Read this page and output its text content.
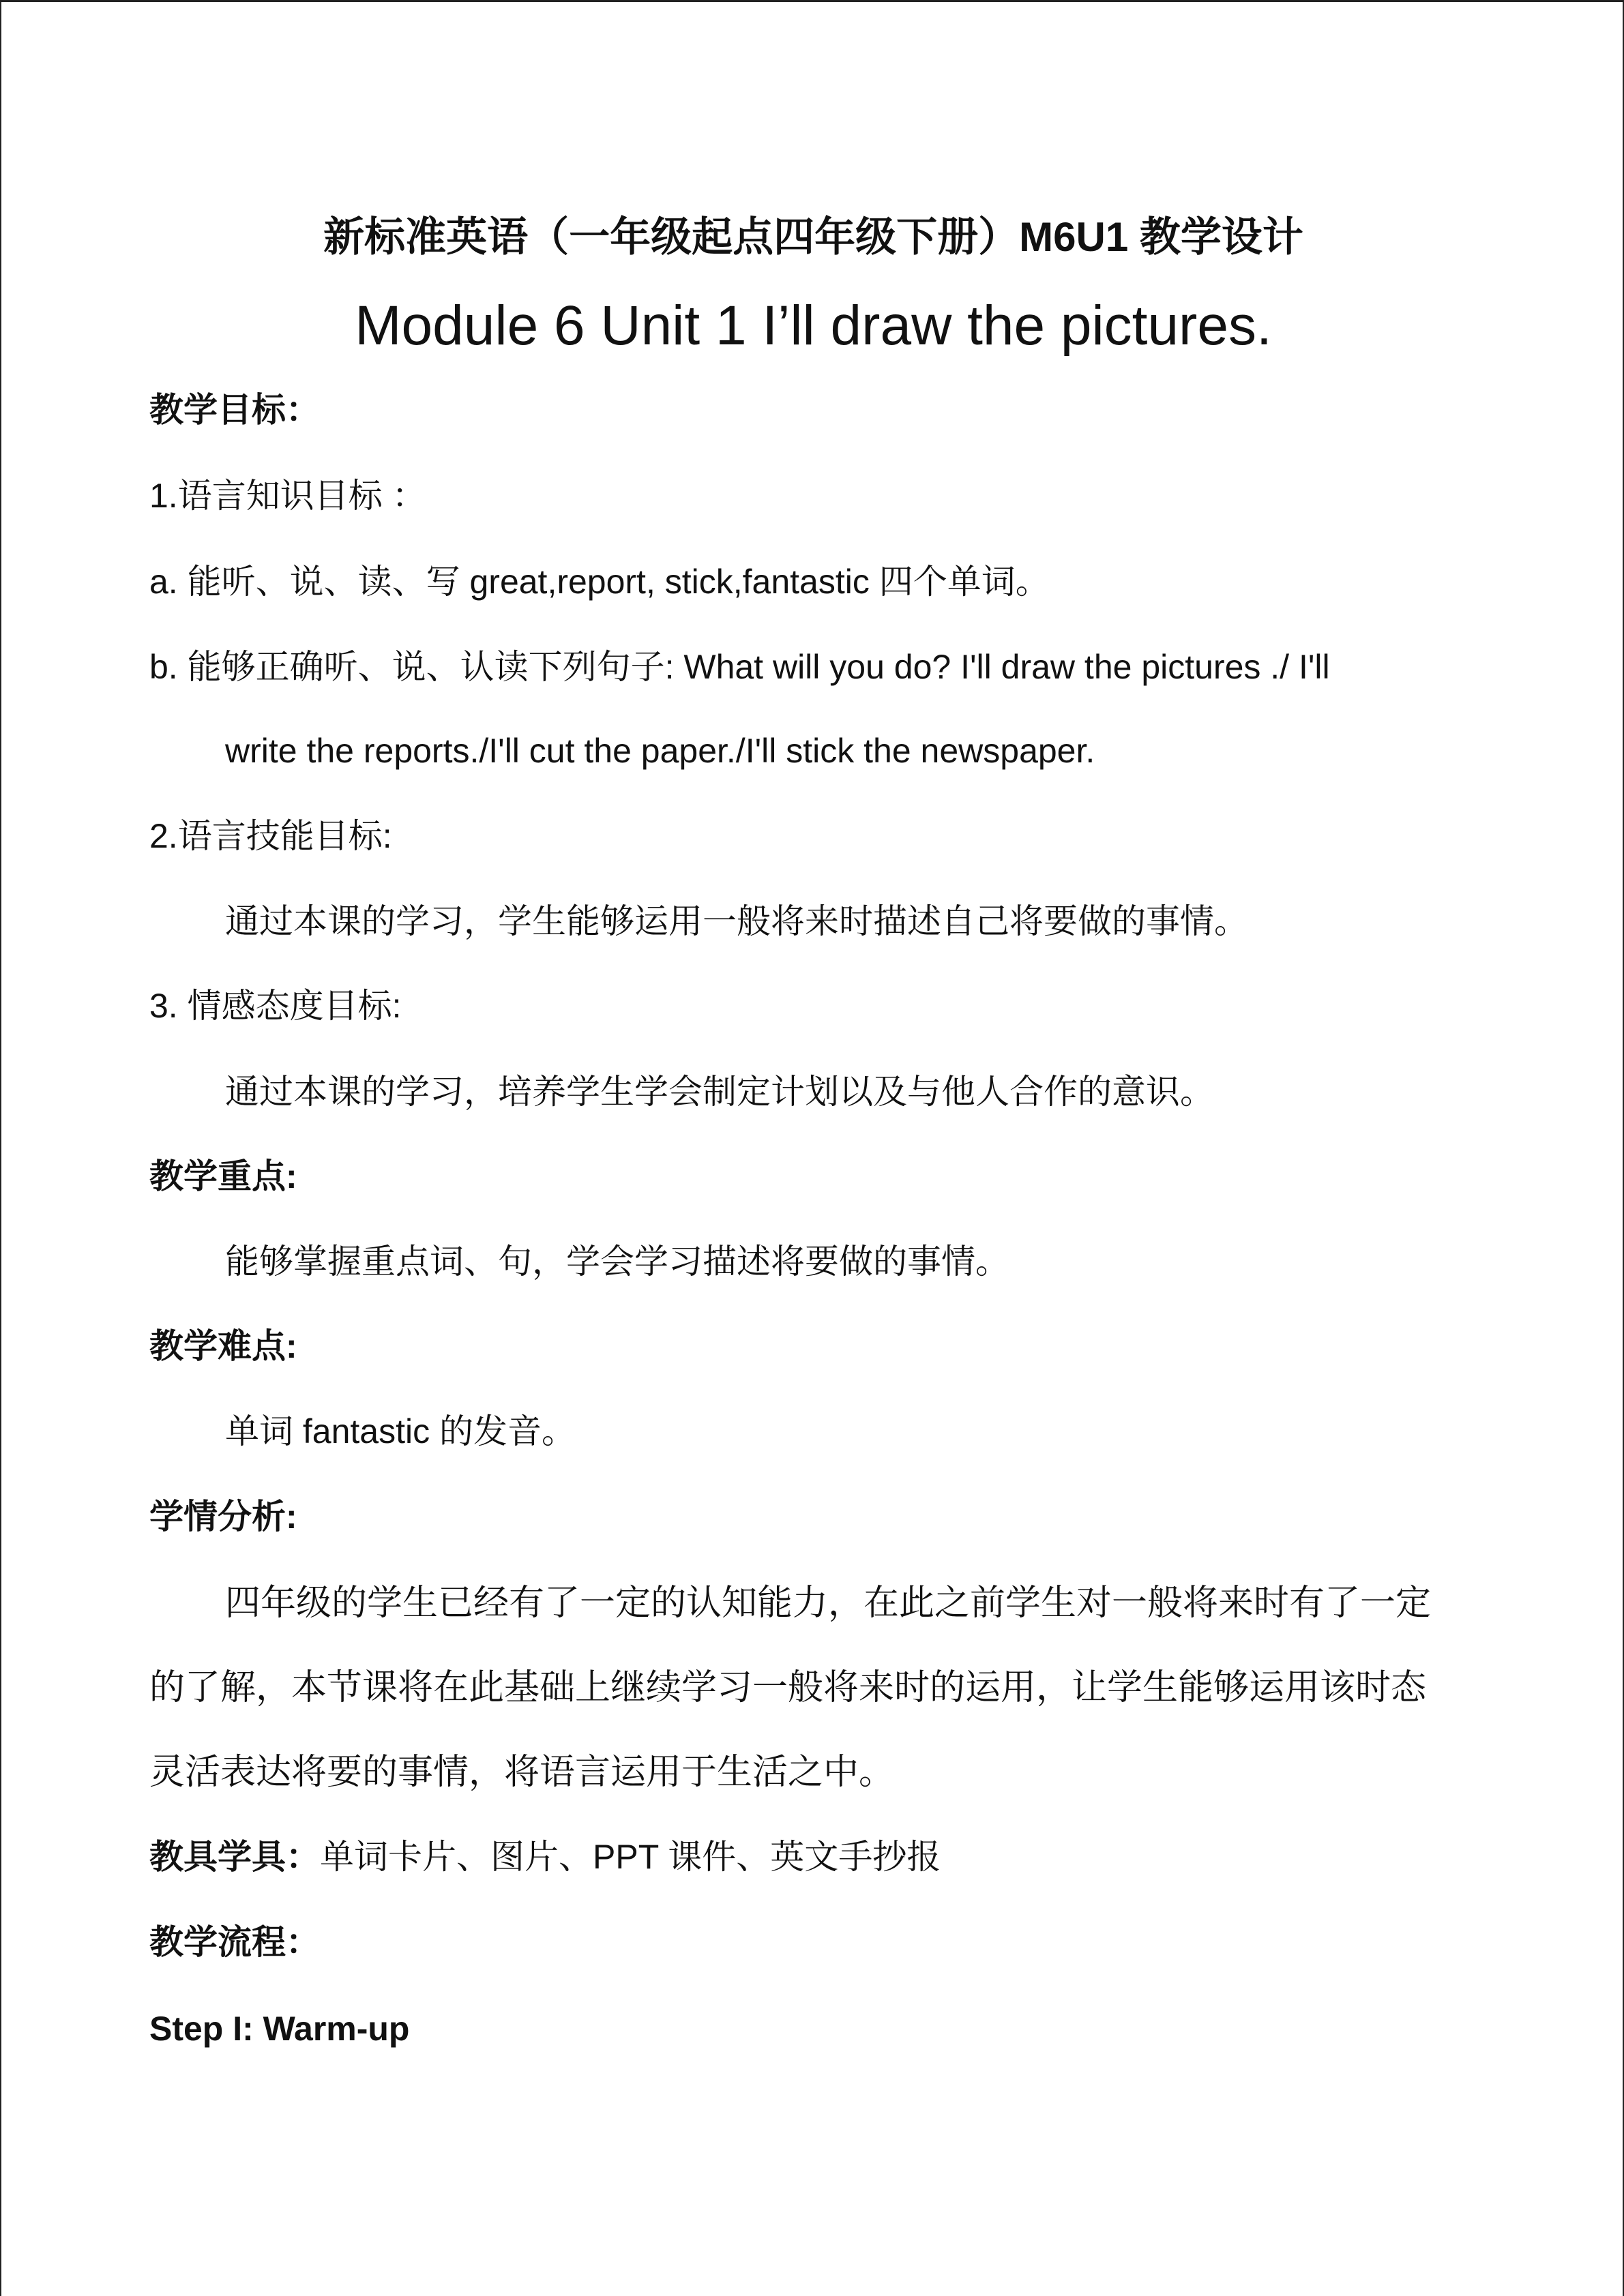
新标准英语（一年级起点四年级下册）M6U1 教学设计
Module 6 Unit 1 I’ll draw the pictures.
教学目标：
1.语言知识目标 ：
a. 能听、说、读、写 great,report, stick,fantastic 四个单词。
b. 能够正确听、说、认读下列句子: What will you do? I'll draw the pictures ./ I'll
write the reports./I'll cut the paper./I'll stick the newspaper.
2.语言技能目标:
通过本课的学习，学生能够运用一般将来时描述自己将要做的事情。
3. 情感态度目标:
通过本课的学习，培养学生学会制定计划以及与他人合作的意识。
教学重点:
能够掌握重点词、句，学会学习描述将要做的事情。
教学难点:
单词 fantastic 的发音。
学情分析:

四年级的学生已经有了一定的认知能力，在此之前学生对一般将来时有了一定的了解，本节课将在此基础上继续学习一般将来时的运用，让学生能够运用该时态灵活表达将要的事情，将语言运用于生活之中。

教具学具：单词卡片、图片、PPT 课件、英文手抄报
教学流程：
Step I: Warm-up
